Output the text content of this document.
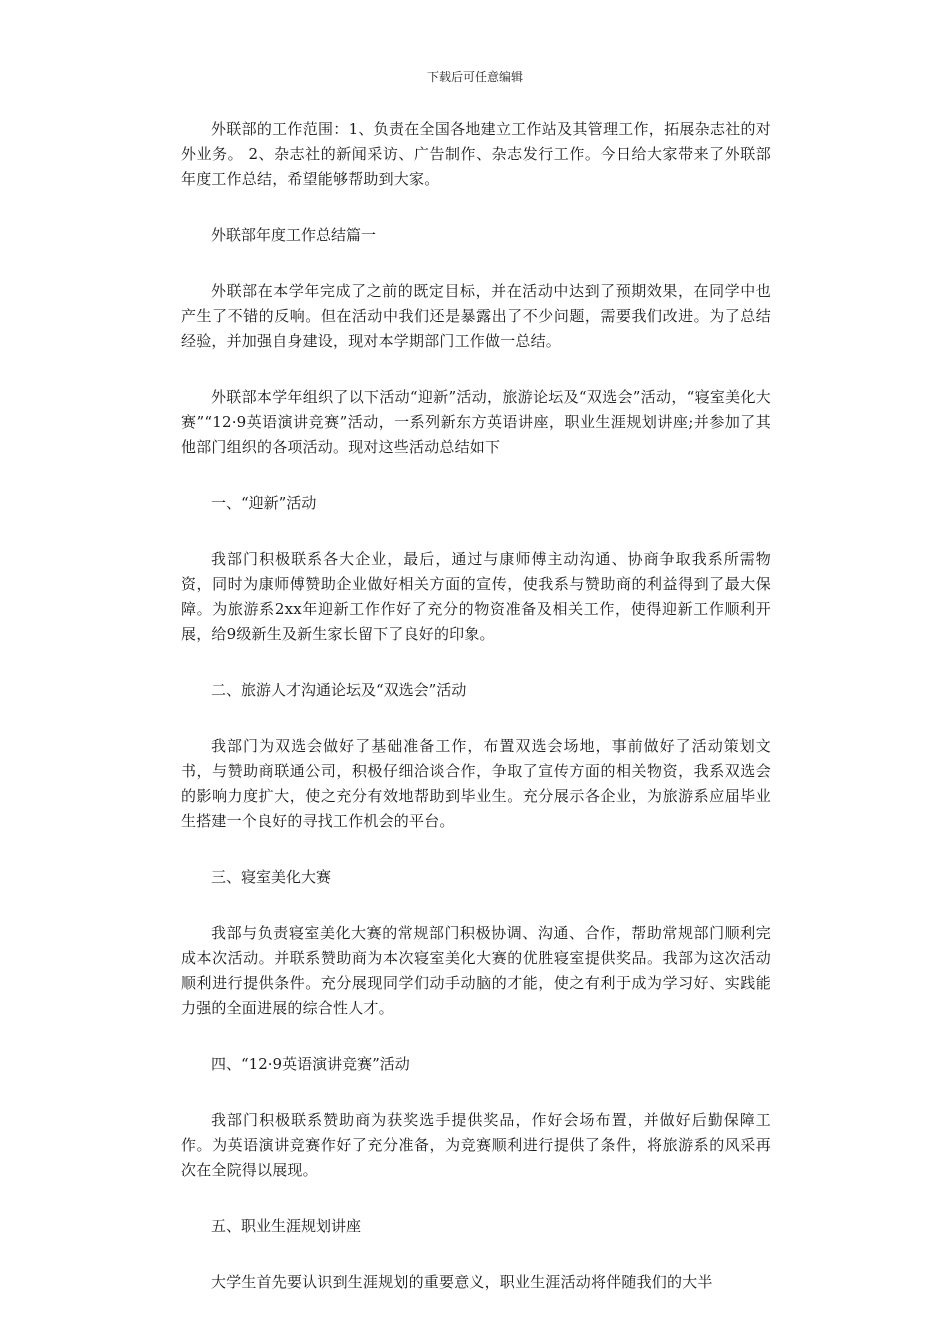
下载后可任意编辑

外联部的工作范围：1、负责在全国各地建立工作站及其管理工作，拓展杂志社的对外业务。 2、杂志社的新闻采访、广告制作、杂志发行工作。今日给大家带来了外联部年度工作总结，希望能够帮助到大家。

外联部年度工作总结篇一

外联部在本学年完成了之前的既定目标，并在活动中达到了预期效果，在同学中也产生了不错的反响。但在活动中我们还是暴露出了不少问题，需要我们改进。为了总结经验，并加强自身建设，现对本学期部门工作做一总结。

外联部本学年组织了以下活动“迎新”活动，旅游论坛及“双选会”活动，“寝室美化大赛”“12·9英语演讲竞赛”活动，一系列新东方英语讲座，职业生涯规划讲座;并参加了其他部门组织的各项活动。现对这些活动总结如下

一、“迎新”活动

我部门积极联系各大企业，最后，通过与康师傅主动沟通、协商争取我系所需物资，同时为康师傅赞助企业做好相关方面的宣传，使我系与赞助商的利益得到了最大保障。为旅游系2xx年迎新工作作好了充分的物资准备及相关工作，使得迎新工作顺利开展，给9级新生及新生家长留下了良好的印象。

二、旅游人才沟通论坛及“双选会”活动

我部门为双选会做好了基础准备工作，布置双选会场地，事前做好了活动策划文书，与赞助商联通公司，积极仔细洽谈合作，争取了宣传方面的相关物资，我系双选会的影响力度扩大，使之充分有效地帮助到毕业生。充分展示各企业，为旅游系应届毕业生搭建一个良好的寻找工作机会的平台。

三、寝室美化大赛

我部与负责寝室美化大赛的常规部门积极协调、沟通、合作，帮助常规部门顺利完成本次活动。并联系赞助商为本次寝室美化大赛的优胜寝室提供奖品。我部为这次活动顺利进行提供条件。充分展现同学们动手动脑的才能，使之有利于成为学习好、实践能力强的全面进展的综合性人才。

四、“12·9英语演讲竞赛”活动

我部门积极联系赞助商为获奖选手提供奖品，作好会场布置，并做好后勤保障工作。为英语演讲竞赛作好了充分准备，为竞赛顺利进行提供了条件，将旅游系的风采再次在全院得以展现。

五、职业生涯规划讲座

大学生首先要认识到生涯规划的重要意义，职业生涯活动将伴随我们的大半
